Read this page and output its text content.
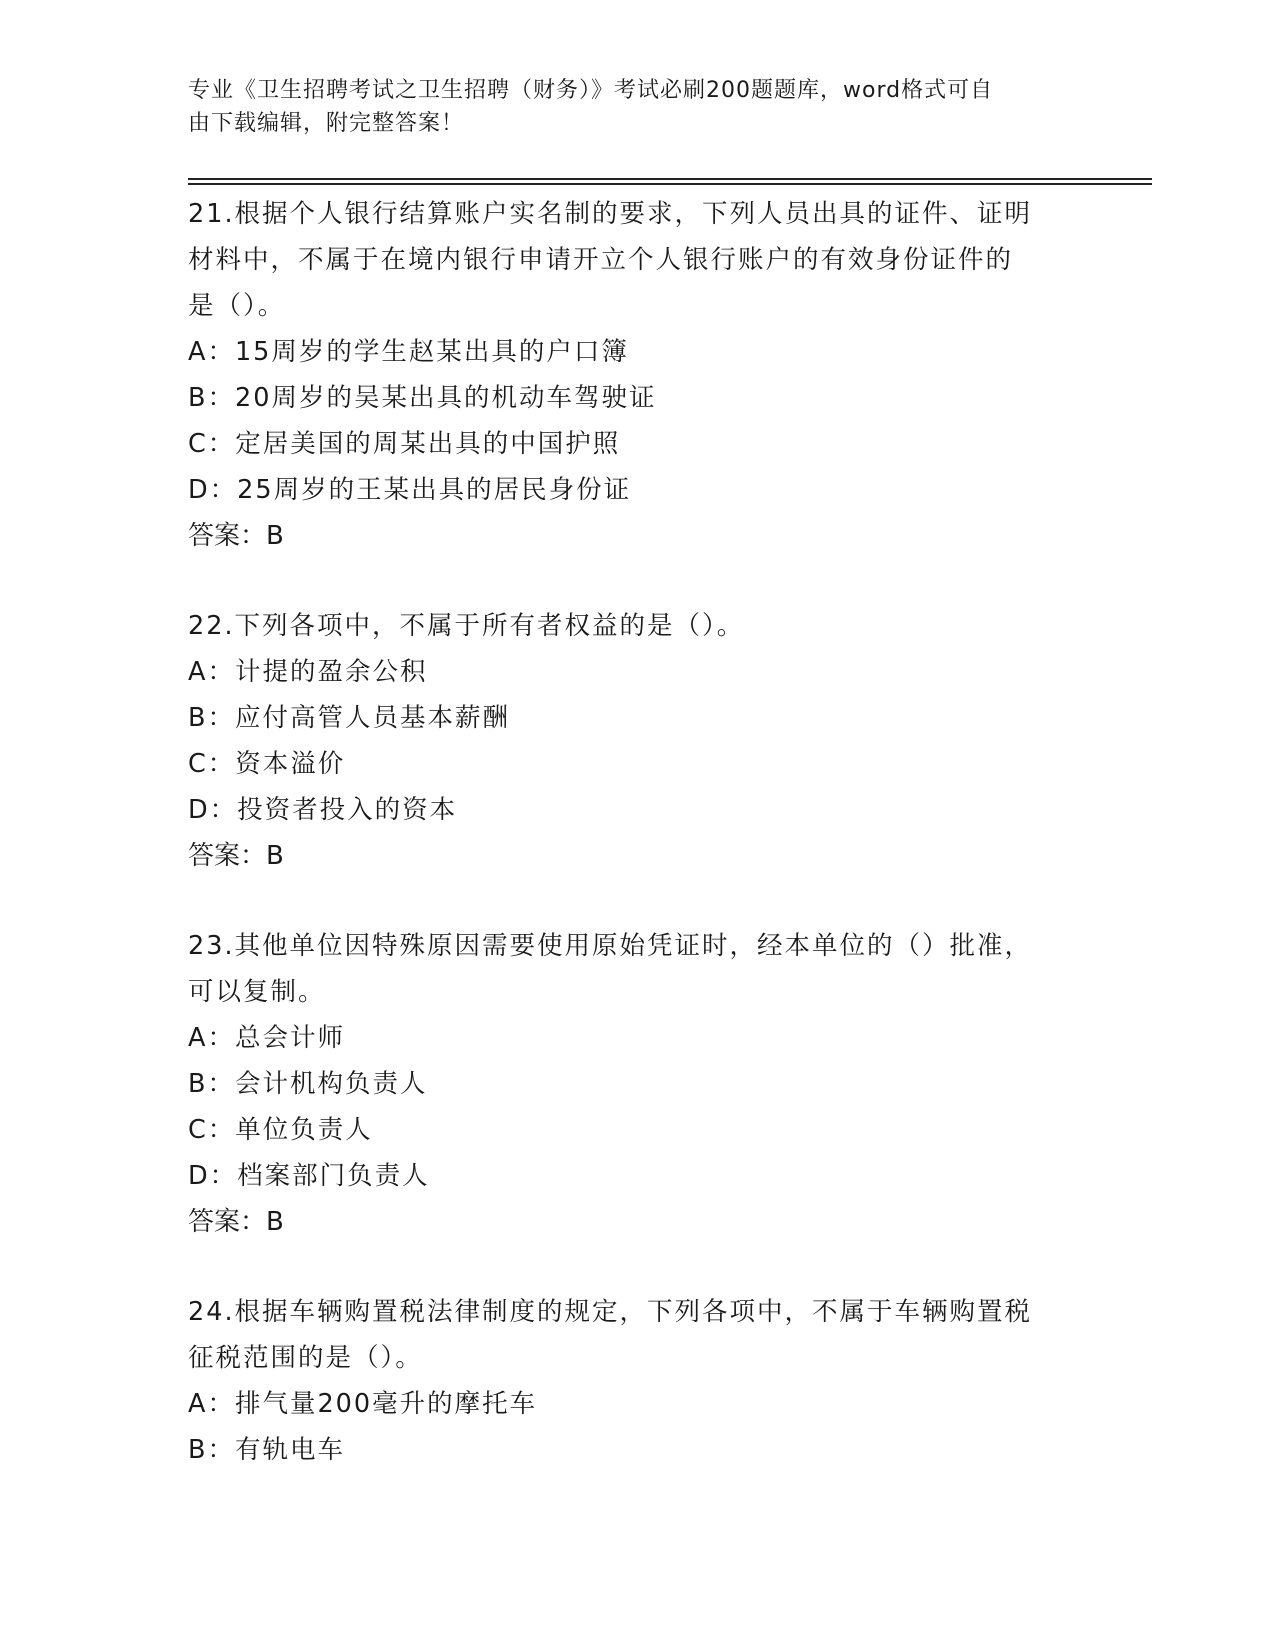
专业《卫生招聘考试之卫生招聘（财务）》考试必刷200题题库，word格式可自
由下载编辑，附完整答案！
21.根据个人银行结算账户实名制的要求，下列人员出具的证件、证明
材料中，不属于在境内银行申请开立个人银行账户的有效身份证件的
是（）。
A：15周岁的学生赵某出具的户口簿
B：20周岁的吴某出具的机动车驾驶证
C：定居美国的周某出具的中国护照
D：25周岁的王某出具的居民身份证
答案：B
22.下列各项中，不属于所有者权益的是（）。
A：计提的盈余公积
B：应付高管人员基本薪酬
C：资本溢价
D：投资者投入的资本
答案：B
23.其他单位因特殊原因需要使用原始凭证时，经本单位的（）批准，
可以复制。
A：总会计师
B：会计机构负责人
C：单位负责人
D：档案部门负责人
答案：B
24.根据车辆购置税法律制度的规定，下列各项中，不属于车辆购置税
征税范围的是（）。
A：排气量200毫升的摩托车
B：有轨电车
